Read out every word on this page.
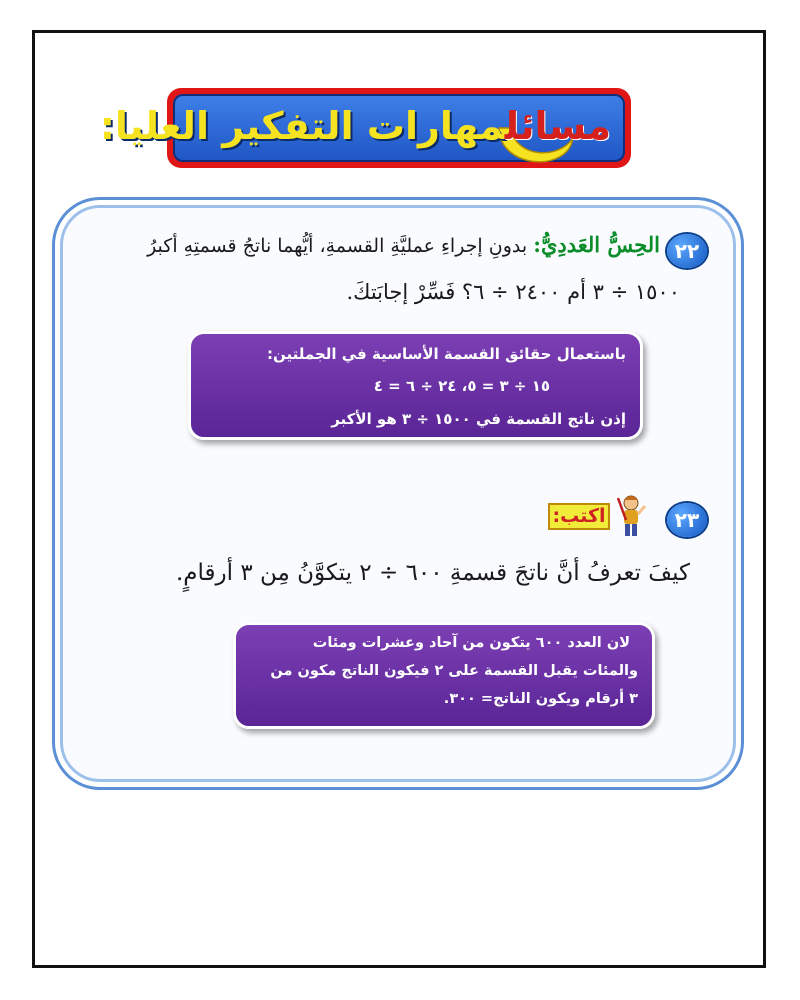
مسائلمهارات التفكير العليا:
٢٢
الحِسُّ العَددِيُّ: بدونِ إجراءِ عمليَّةِ القسمةِ، أيُّهما ناتجُ قسمتِهِ أكبرُ
١٥٠٠ ÷ ٣ أم ٢٤٠٠ ÷ ٦؟ فَسِّرْ إجابَتكَ.
باستعمال حقائق القسمة الأساسية في الجملتين:
١٥ ÷ ٣ = ٥، ٢٤ ÷ ٦ = ٤
إذن ناتج القسمة في ١٥٠٠ ÷ ٣ هو الأكبر
٢٣
اكتب:
كيفَ تعرفُ أنَّ ناتجَ قسمةِ ٦٠٠ ÷ ٢ يتكوَّنُ مِن ٣ أرقامٍ.
لان العدد ٦٠٠ يتكون من آحاد وعشرات ومئات
والمئات يقبل القسمة على ٢ فيكون الناتج مكون من
٣ أرقام ويكون الناتج= ٣٠٠.
